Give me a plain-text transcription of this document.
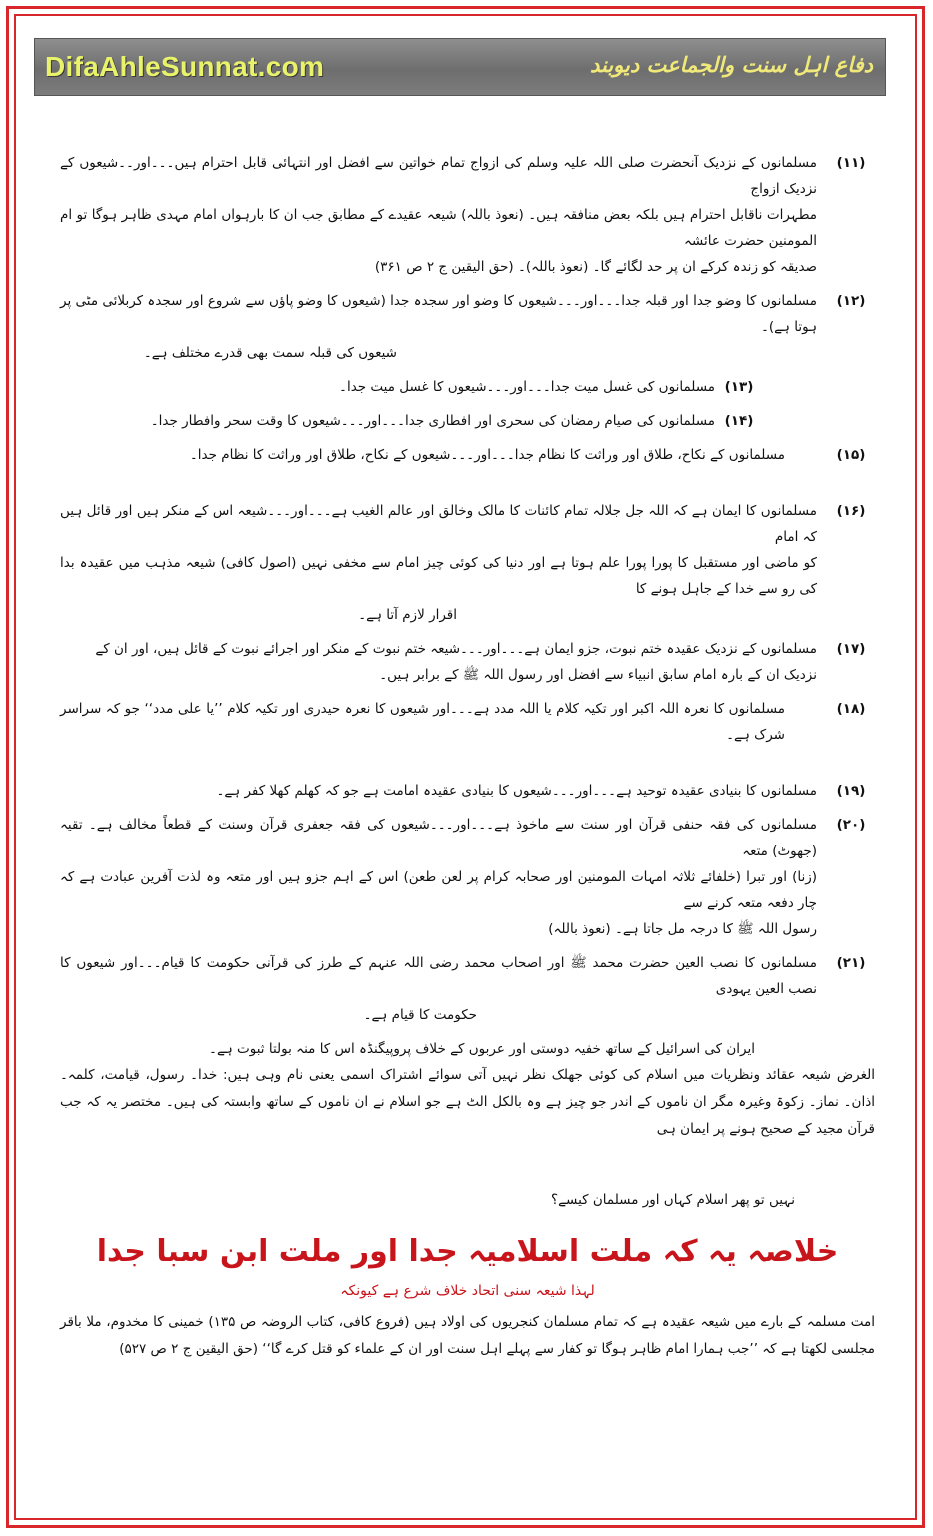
DifaAhleSunnat.com	دفاع اہل سنت والجماعت دیوبند
(۱۱)
مسلمانوں کے نزدیک آنحضرت صلی اللہ علیہ وسلم کی ازواج تمام خواتین سے افضل اور انتہائی قابل احترام ہیں۔۔۔اور۔۔شیعوں کے نزدیک ازواج
مطہرات ناقابل احترام ہیں بلکہ بعض منافقہ ہیں۔ (نعوذ باللہ) شیعہ عقیدے کے مطابق جب ان کا بارہواں امام مہدی ظاہر ہوگا تو ام المومنین حضرت عائشہ
صدیقہ کو زندہ کرکے ان پر حد لگائے گا۔ (نعوذ باللہ)۔ (حق الیقین ج ۲ ص ۳۶۱)
(۱۲)
مسلمانوں کا وضو جدا اور قبلہ جدا۔۔۔اور۔۔۔شیعوں کا وضو اور سجدہ جدا (شیعوں کا وضو پاؤں سے شروع اور سجدہ کربلائی مٹی پر ہوتا ہے)۔
شیعوں کی قبلہ سمت بھی قدرے مختلف ہے۔
(۱۳)
مسلمانوں کی غسل میت جدا۔۔۔اور۔۔۔شیعوں کا غسل میت جدا۔
(۱۴)
مسلمانوں کی صیام رمضان کی سحری اور افطاری جدا۔۔۔اور۔۔۔شیعوں کا وقت سحر وافطار جدا۔
(۱۵)
مسلمانوں کے نکاح، طلاق اور وراثت کا نظام جدا۔۔۔اور۔۔۔شیعوں کے نکاح، طلاق اور وراثت کا نظام جدا۔
(۱۶)
مسلمانوں کا ایمان ہے کہ اللہ جل جلالہ تمام کائنات کا مالک وخالق اور عالم الغیب ہے۔۔۔اور۔۔۔شیعہ اس کے منکر ہیں اور قائل ہیں کہ امام
کو ماضی اور مستقبل کا پورا پورا علم ہوتا ہے اور دنیا کی کوئی چیز امام سے مخفی نہیں (اصول کافی) شیعہ مذہب میں عقیدہ بدا کی رو سے خدا کے جاہل ہونے کا
اقرار لازم آتا ہے۔
(۱۷)
مسلمانوں کے نزدیک عقیدہ ختم نبوت، جزو ایمان ہے۔۔۔اور۔۔۔شیعہ ختم نبوت کے منکر اور اجرائے نبوت کے قائل ہیں، اور ان کے
نزدیک ان کے بارہ امام سابق انبیاء سے افضل اور رسول اللہ ﷺ کے برابر ہیں۔
(۱۸)
مسلمانوں کا نعرہ اللہ اکبر اور تکیہ کلام یا اللہ مدد ہے۔۔۔اور شیعوں کا نعرہ حیدری اور تکیہ کلام ’’یا علی مدد‘‘ جو کہ سراسر شرک ہے۔
(۱۹)
مسلمانوں کا بنیادی عقیدہ توحید ہے۔۔۔اور۔۔۔شیعوں کا بنیادی عقیدہ امامت ہے جو کہ کھلم کھلا کفر ہے۔
(۲۰)
مسلمانوں کی فقہ حنفی قرآن اور سنت سے ماخوذ ہے۔۔۔اور۔۔۔شیعوں کی فقہ جعفری قرآن وسنت کے قطعاً مخالف ہے۔ تقیہ (جھوٹ) متعہ
(زنا) اور تبرا (خلفائے ثلاثہ امہات المومنین اور صحابہ کرام پر لعن طعن) اس کے اہم جزو ہیں اور متعہ وہ لذت آفرین عبادت ہے کہ چار دفعہ متعہ کرنے سے
رسول اللہ ﷺ کا درجہ مل جاتا ہے۔ (نعوذ باللہ)
(۲۱)
مسلمانوں کا نصب العین حضرت محمد ﷺ اور اصحاب محمد رضی اللہ عنہم کے طرز کی قرآنی حکومت کا قیام۔۔۔اور شیعوں کا نصب العین یہودی
حکومت کا قیام ہے۔
ایران کی اسرائیل کے ساتھ خفیہ دوستی اور عربوں کے خلاف پروپیگنڈہ اس کا منہ بولتا ثبوت ہے۔
الغرض شیعہ عقائد ونظریات میں اسلام کی کوئی جھلک نظر نہیں آتی سوائے اشتراک اسمی یعنی نام وہی ہیں: خدا۔ رسول، قیامت، کلمہ۔ اذان۔ نماز۔ زکوۃ وغیرہ مگر ان ناموں کے اندر جو چیز ہے وہ بالکل الٹ ہے جو اسلام نے ان ناموں کے ساتھ وابستہ کی ہیں۔ مختصر یہ کہ جب قرآن مجید کے صحیح ہونے پر ایمان ہی
نہیں تو پھر اسلام کہاں اور مسلمان کیسے؟
خلاصہ یہ کہ ملت اسلامیہ جدا اور ملت ابن سبا جدا
لہذا شیعہ سنی اتحاد خلاف شرع ہے کیونکہ
امت مسلمہ کے بارے میں شیعہ عقیدہ ہے کہ تمام مسلمان کنجریوں کی اولاد ہیں (فروع کافی، کتاب الروضہ ص ۱۳۵) خمینی کا مخدوم، ملا باقر مجلسی لکھتا ہے کہ ’’جب ہمارا امام ظاہر ہوگا تو کفار سے پہلے اہل سنت اور ان کے علماء کو قتل کرے گا‘‘ (حق الیقین ج ۲ ص ۵۲۷)
